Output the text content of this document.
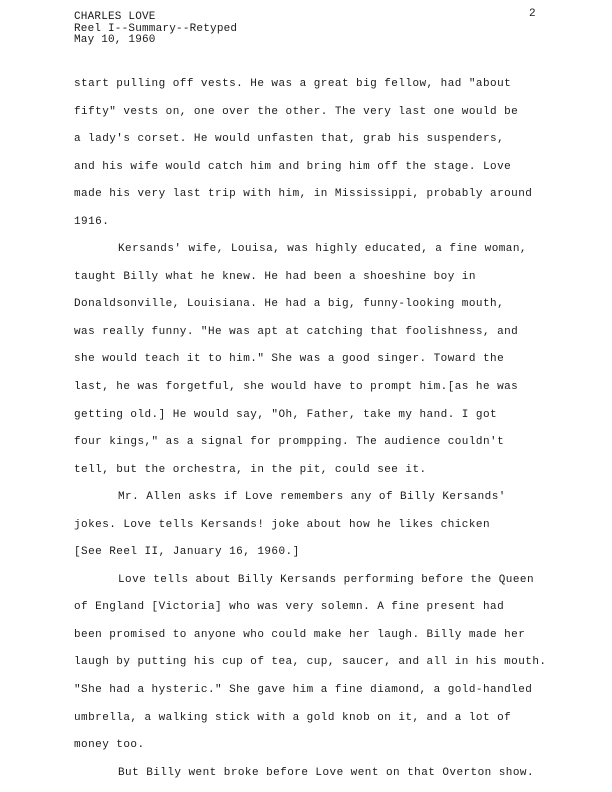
CHARLES LOVE
Reel I--Summary--Retyped
May 10, 1960
2
start pulling off vests. He was a great big fellow, had "about
fifty" vests on, one over the other. The very last one would be
a lady's corset. He would unfasten that, grab his suspenders,
and his wife would catch him and bring him off the stage. Love
made his very last trip with him, in Mississippi, probably around
1916.
Kersands' wife, Louisa, was highly educated, a fine woman,
taught Billy what he knew. He had been a shoeshine boy in
Donaldsonville, Louisiana. He had a big, funny-looking mouth,
was really funny. "He was apt at catching that foolishness, and
she would teach it to him." She was a good singer. Toward the
last, he was forgetful, she would have to prompt him.[as he was
getting old.] He would say, "Oh, Father, take my hand. I got
four kings," as a signal for prompping. The audience couldn't
tell, but the orchestra, in the pit, could see it.
Mr. Allen asks if Love remembers any of Billy Kersands'
jokes. Love tells Kersands! joke about how he likes chicken
[See Reel II, January 16, 1960.]
Love tells about Billy Kersands performing before the Queen
of England [Victoria] who was very solemn. A fine present had
been promised to anyone who could make her laugh. Billy made her
laugh by putting his cup of tea, cup, saucer, and all in his mouth.
"She had a hysteric." She gave him a fine diamond, a gold-handled
umbrella, a walking stick with a gold knob on it, and a lot of
money too.
But Billy went broke before Love went on that Overton show.
